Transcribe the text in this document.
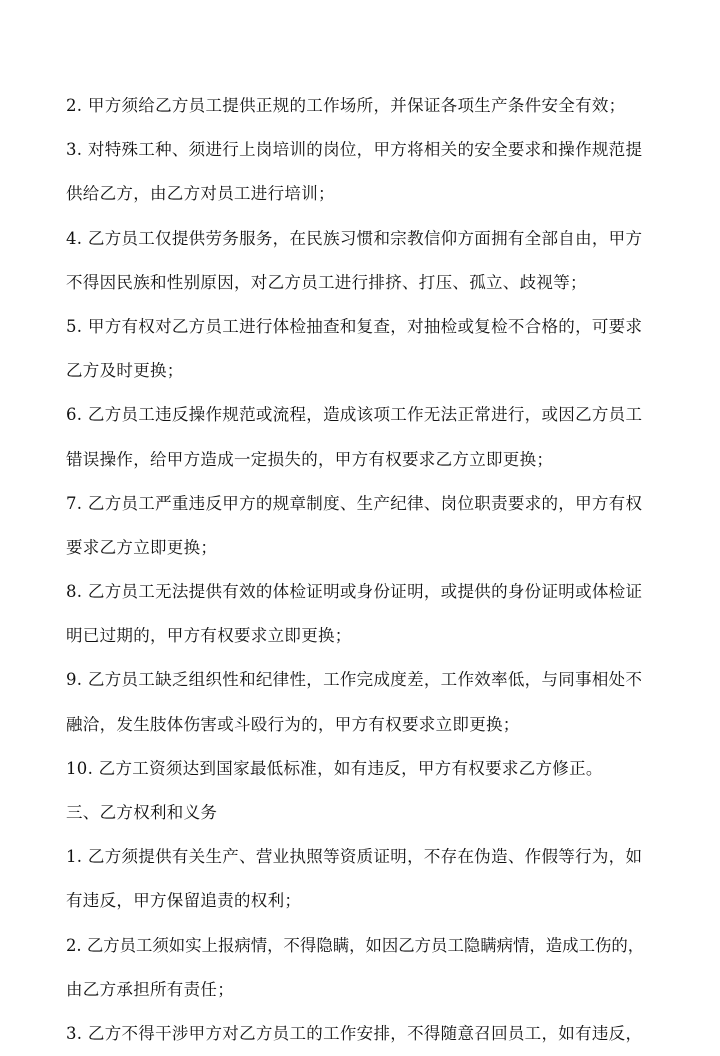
2. 甲方须给乙方员工提供正规的工作场所，并保证各项生产条件安全有效；
3. 对特殊工种、须进行上岗培训的岗位，甲方将相关的安全要求和操作规范提
供给乙方，由乙方对员工进行培训；
4. 乙方员工仅提供劳务服务，在民族习惯和宗教信仰方面拥有全部自由，甲方
不得因民族和性别原因，对乙方员工进行排挤、打压、孤立、歧视等；
5. 甲方有权对乙方员工进行体检抽查和复查，对抽检或复检不合格的，可要求
乙方及时更换；
6. 乙方员工违反操作规范或流程，造成该项工作无法正常进行，或因乙方员工
错误操作，给甲方造成一定损失的，甲方有权要求乙方立即更换；
7. 乙方员工严重违反甲方的规章制度、生产纪律、岗位职责要求的，甲方有权
要求乙方立即更换；
8. 乙方员工无法提供有效的体检证明或身份证明，或提供的身份证明或体检证
明已过期的，甲方有权要求立即更换；
9. 乙方员工缺乏组织性和纪律性，工作完成度差，工作效率低，与同事相处不
融洽，发生肢体伤害或斗殴行为的，甲方有权要求立即更换；
10. 乙方工资须达到国家最低标准，如有违反，甲方有权要求乙方修正。
三、乙方权利和义务
1. 乙方须提供有关生产、营业执照等资质证明，不存在伪造、作假等行为，如
有违反，甲方保留追责的权利；
2. 乙方员工须如实上报病情，不得隐瞒，如因乙方员工隐瞒病情，造成工伤的，
由乙方承担所有责任；
3. 乙方不得干涉甲方对乙方员工的工作安排，不得随意召回员工，如有违反，
